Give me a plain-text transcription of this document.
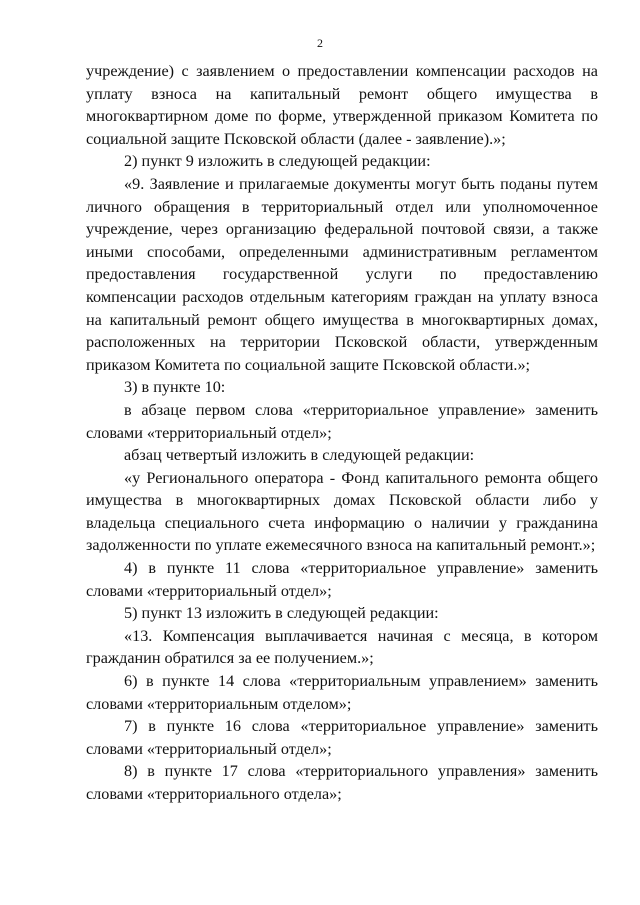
2

учреждение) с заявлением о предоставлении компенсации расходов на уплату взноса на капитальный ремонт общего имущества в многоквартирном доме по форме, утвержденной приказом Комитета по социальной защите Псковской области (далее - заявление).»;

2) пункт 9 изложить в следующей редакции:

«9. Заявление и прилагаемые документы могут быть поданы путем личного обращения в территориальный отдел или уполномоченное учреждение, через организацию федеральной почтовой связи, а также иными способами, определенными административным регламентом предоставления государственной услуги по предоставлению компенсации расходов отдельным категориям граждан на уплату взноса на капитальный ремонт общего имущества в многоквартирных домах, расположенных на территории Псковской области, утвержденным приказом Комитета по социальной защите Псковской области.»;

3) в пункте 10:

в абзаце первом слова «территориальное управление» заменить словами «территориальный отдел»;

абзац четвертый изложить в следующей редакции:

«у Регионального оператора - Фонд капитального ремонта общего имущества в многоквартирных домах Псковской области либо у владельца специального счета информацию о наличии у гражданина задолженности по уплате ежемесячного взноса на капитальный ремонт.»;

4) в пункте 11 слова «территориальное управление» заменить словами «территориальный отдел»;

5) пункт 13 изложить в следующей редакции:

«13. Компенсация выплачивается начиная с месяца, в котором гражданин обратился за ее получением.»;

6) в пункте 14 слова «территориальным управлением» заменить словами «территориальным отделом»;

7) в пункте 16 слова «территориальное управление» заменить словами «территориальный отдел»;

8) в пункте 17 слова «территориального управления» заменить словами «территориального отдела»;
